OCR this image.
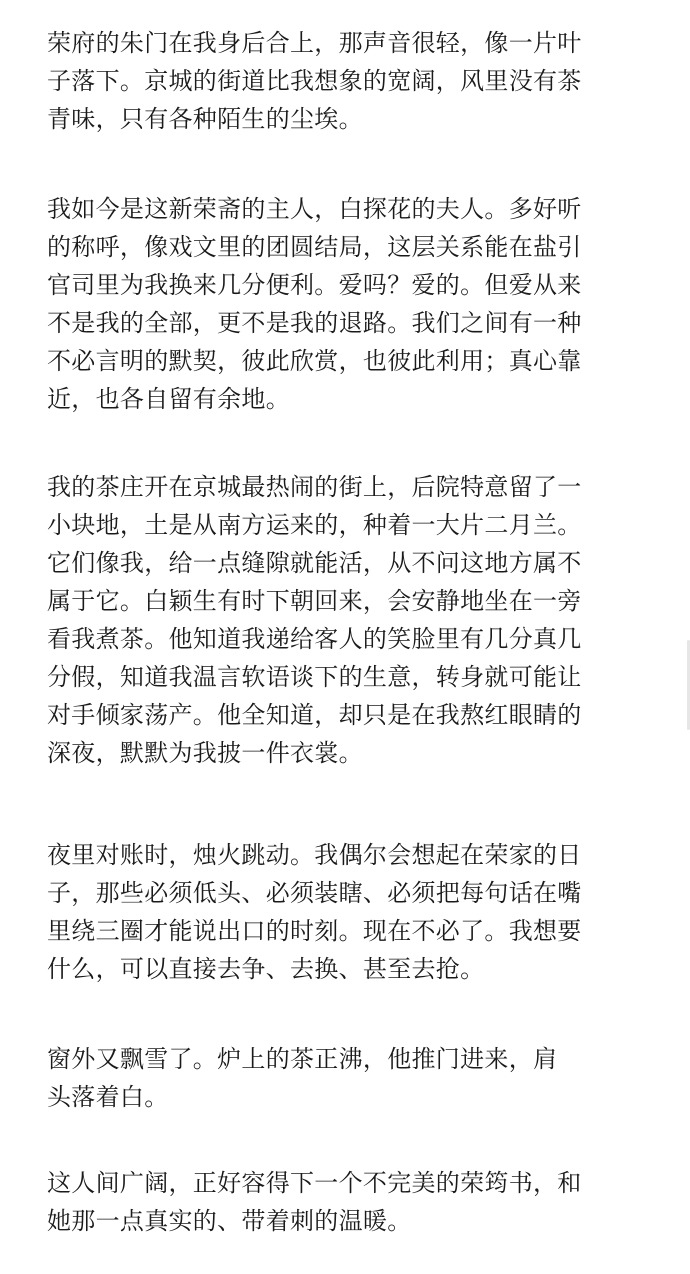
荣府的朱门在我身后合上，那声音很轻，像一片叶
子落下。京城的街道比我想象的宽阔，风里没有茶
青味，只有各种陌生的尘埃。

我如今是这新荣斋的主人，白探花的夫人。多好听
的称呼，像戏文里的团圆结局，这层关系能在盐引
官司里为我换来几分便利。爱吗？爱的。但爱从来
不是我的全部，更不是我的退路。我们之间有一种
不必言明的默契，彼此欣赏，也彼此利用；真心靠
近，也各自留有余地。

我的茶庄开在京城最热闹的街上，后院特意留了一
小块地，土是从南方运来的，种着一大片二月兰。
它们像我，给一点缝隙就能活，从不问这地方属不
属于它。白颖生有时下朝回来，会安静地坐在一旁
看我煮茶。他知道我递给客人的笑脸里有几分真几
分假，知道我温言软语谈下的生意，转身就可能让
对手倾家荡产。他全知道，却只是在我熬红眼睛的
深夜，默默为我披一件衣裳。

夜里对账时，烛火跳动。我偶尔会想起在荣家的日
子，那些必须低头、必须装瞎、必须把每句话在嘴
里绕三圈才能说出口的时刻。现在不必了。我想要
什么，可以直接去争、去换、甚至去抢。

窗外又飘雪了。炉上的茶正沸，他推门进来，肩
头落着白。

这人间广阔，正好容得下一个不完美的荣筠书，和
她那一点真实的、带着刺的温暖。
